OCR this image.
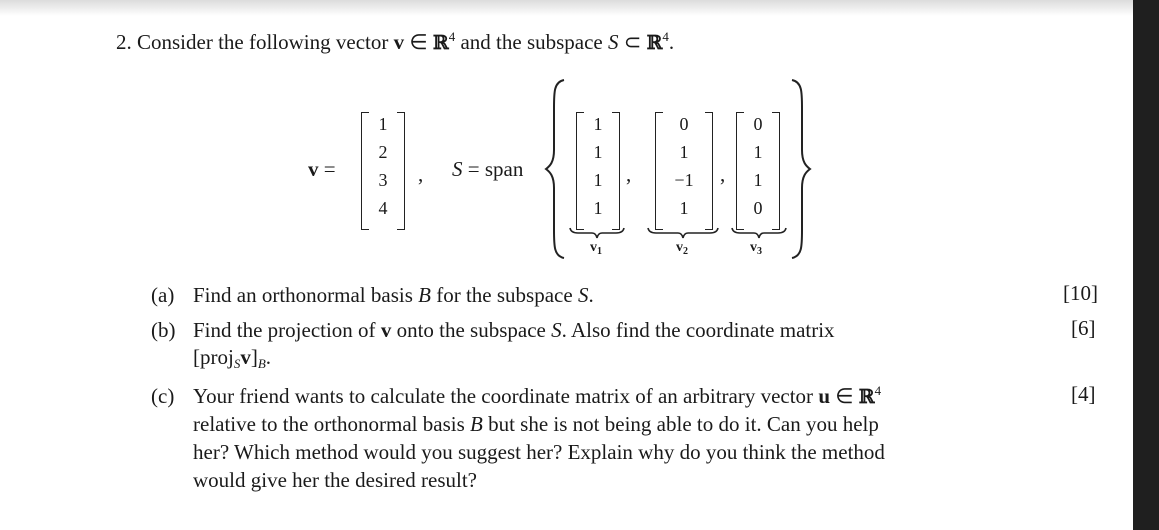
2. Consider the following vector v ∈ ℝ$^4$ and the subspace S ⊂ ℝ$^4$.
v =
1
2
3
4
, S = span
1
1
1
1
,
0
1
−1
1
,
0
1
1
0
$v_1$	$v_2$	$v_3$
(a) Find an orthonormal basis B for the subspace S.	[10]
(b) Find the projection of v onto the subspace S. Also find the coordinate matrix
$[proj_Sv]_B$.
[6]
(c) Your friend wants to calculate the coordinate matrix of an arbitrary vector u ∈ ℝ$^4$
relative to the orthonormal basis B but she is not being able to do it. Can you help
her? Which method would you suggest her? Explain why do you think the method
would give her the desired result?
[4]
